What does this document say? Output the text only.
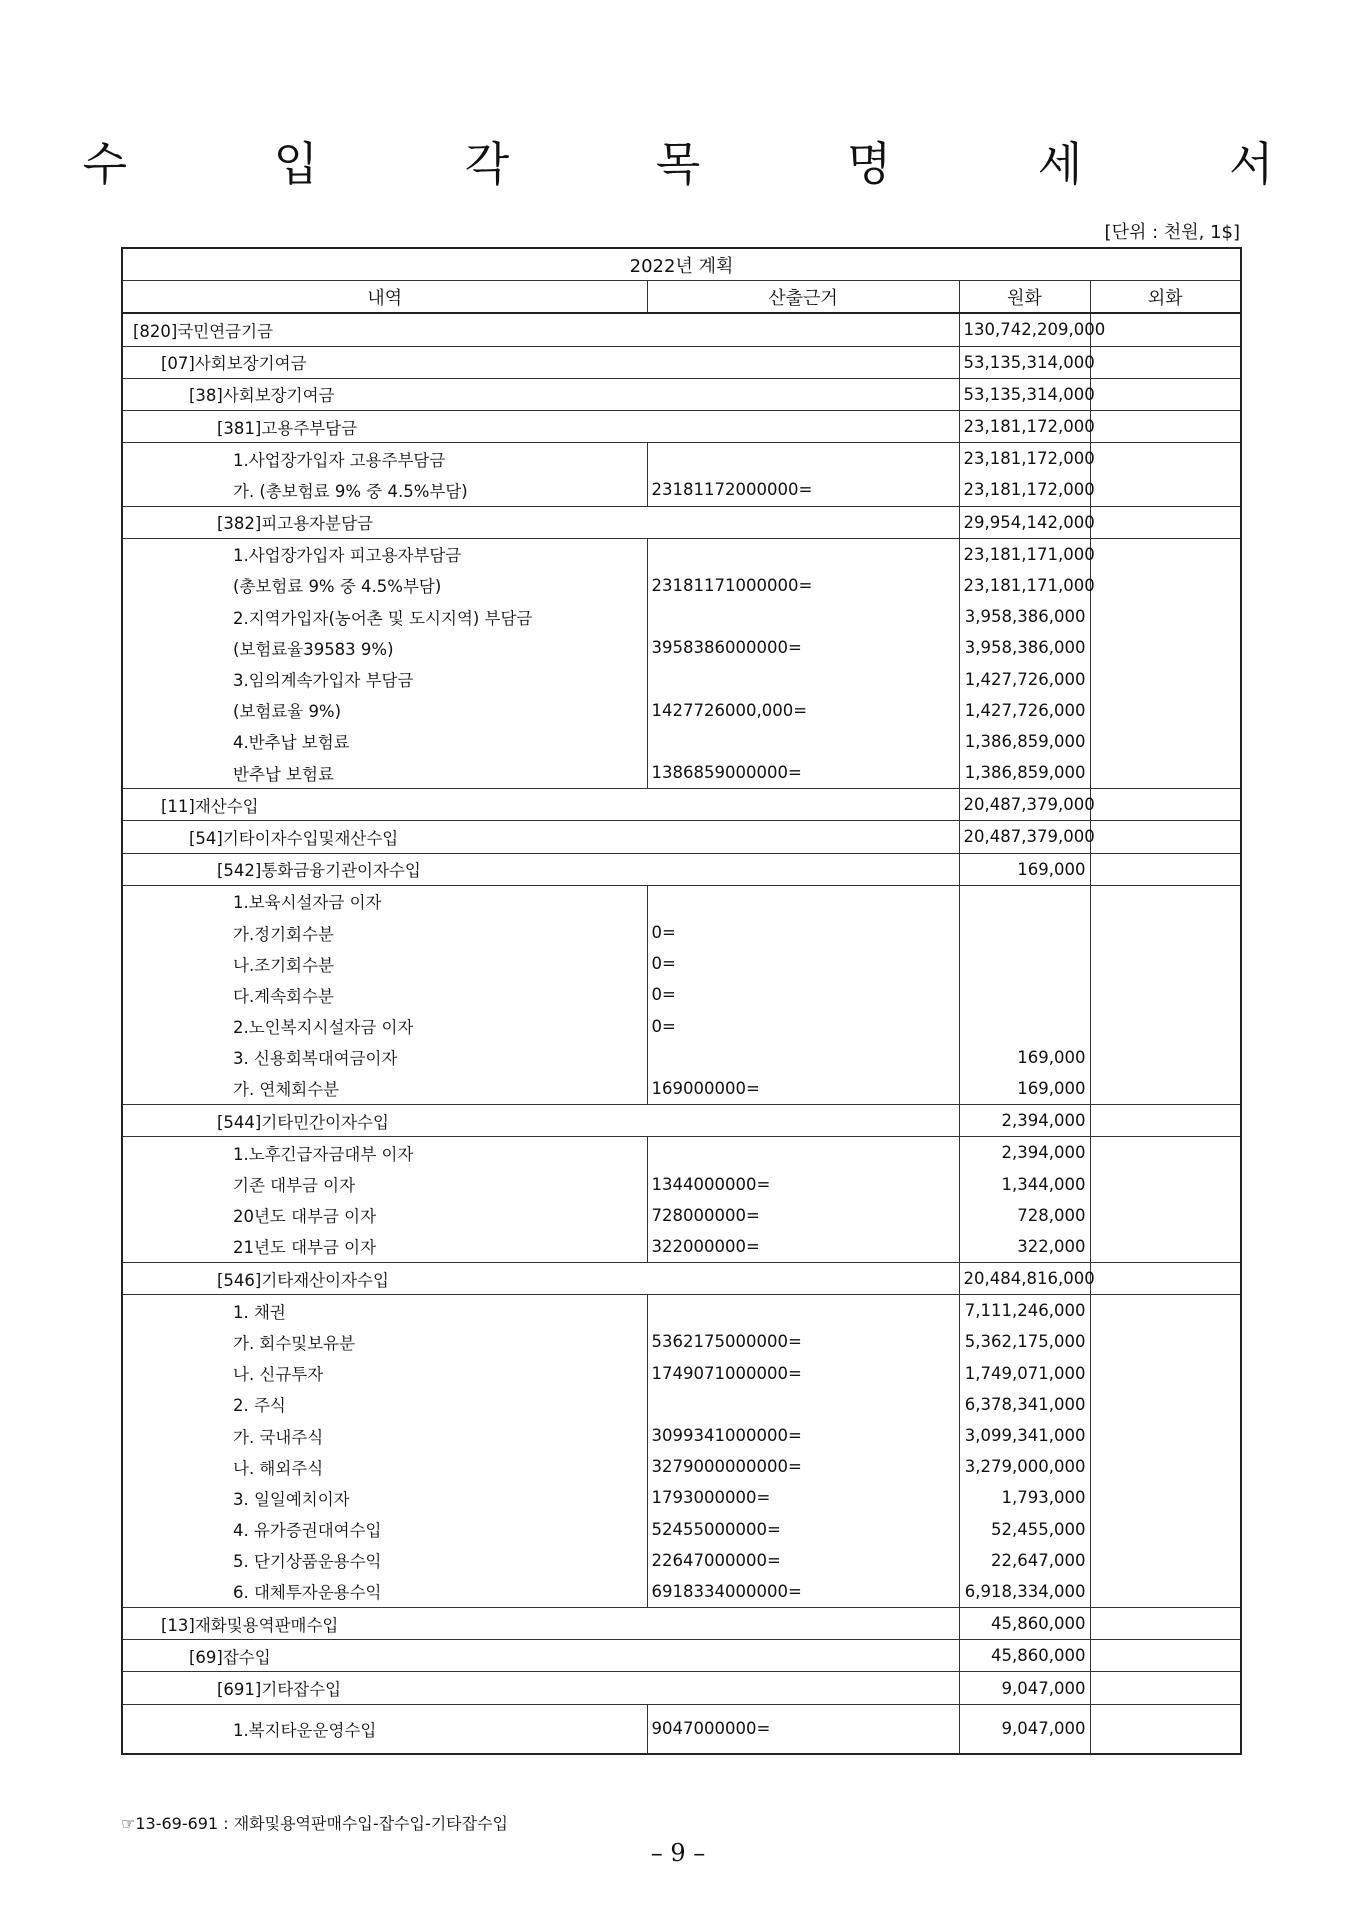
수 입 각 목 명 세 서
[단위 : 천원, 1$]
2022년 계획			
내역	산출근거	원화	외화
[820]국민연금기금		130,742,209,000	
[07]사회보장기여금		53,135,314,000	
[38]사회보장기여금		53,135,314,000	
[381]고용주부담금		23,181,172,000	
1.사업장가입자 고용주부담금		23,181,172,000	
가. (총보험료 9% 중 4.5%부담)	23181172000000=	23,181,172,000	
[382]피고용자분담금		29,954,142,000	
1.사업장가입자 피고용자부담금		23,181,171,000	
(총보험료 9% 중 4.5%부담)	23181171000000=	23,181,171,000	
2.지역가입자(농어촌 및 도시지역) 부담금		3,958,386,000	
(보험료율39583 9%)	3958386000000=	3,958,386,000	
3.임의계속가입자 부담금		1,427,726,000	
(보험료율 9%)	1427726000,000=	1,427,726,000	
4.반추납 보험료		1,386,859,000	
반추납 보험료	1386859000000=	1,386,859,000	
[11]재산수입		20,487,379,000	
[54]기타이자수입및재산수입		20,487,379,000	
[542]통화금융기관이자수입		169,000	
1.보육시설자금 이자			
가.정기회수분	0=		
나.조기회수분	0=		
다.계속회수분	0=		
2.노인복지시설자금 이자	0=		
3. 신용회복대여금이자		169,000	
가. 연체회수분	169000000=	169,000	
[544]기타민간이자수입		2,394,000	
1.노후긴급자금대부 이자		2,394,000	
기존 대부금 이자	1344000000=	1,344,000	
20년도 대부금 이자	728000000=	728,000	
21년도 대부금 이자	322000000=	322,000	
[546]기타재산이자수입		20,484,816,000	
1. 채권		7,111,246,000	
가. 회수및보유분	5362175000000=	5,362,175,000	
나. 신규투자	1749071000000=	1,749,071,000	
2. 주식		6,378,341,000	
가. 국내주식	3099341000000=	3,099,341,000	
나. 해외주식	3279000000000=	3,279,000,000	
3. 일일예치이자	1793000000=	1,793,000	
4. 유가증권대여수입	52455000000=	52,455,000	
5. 단기상품운용수익	22647000000=	22,647,000	
6. 대체투자운용수익	6918334000000=	6,918,334,000	
[13]재화및용역판매수입		45,860,000	
[69]잡수입		45,860,000	
[691]기타잡수입		9,047,000	
1.복지타운운영수입	9047000000=	9,047,000	
☞13-69-691 : 재화및용역판매수입-잡수입-기타잡수입
– 9 –
